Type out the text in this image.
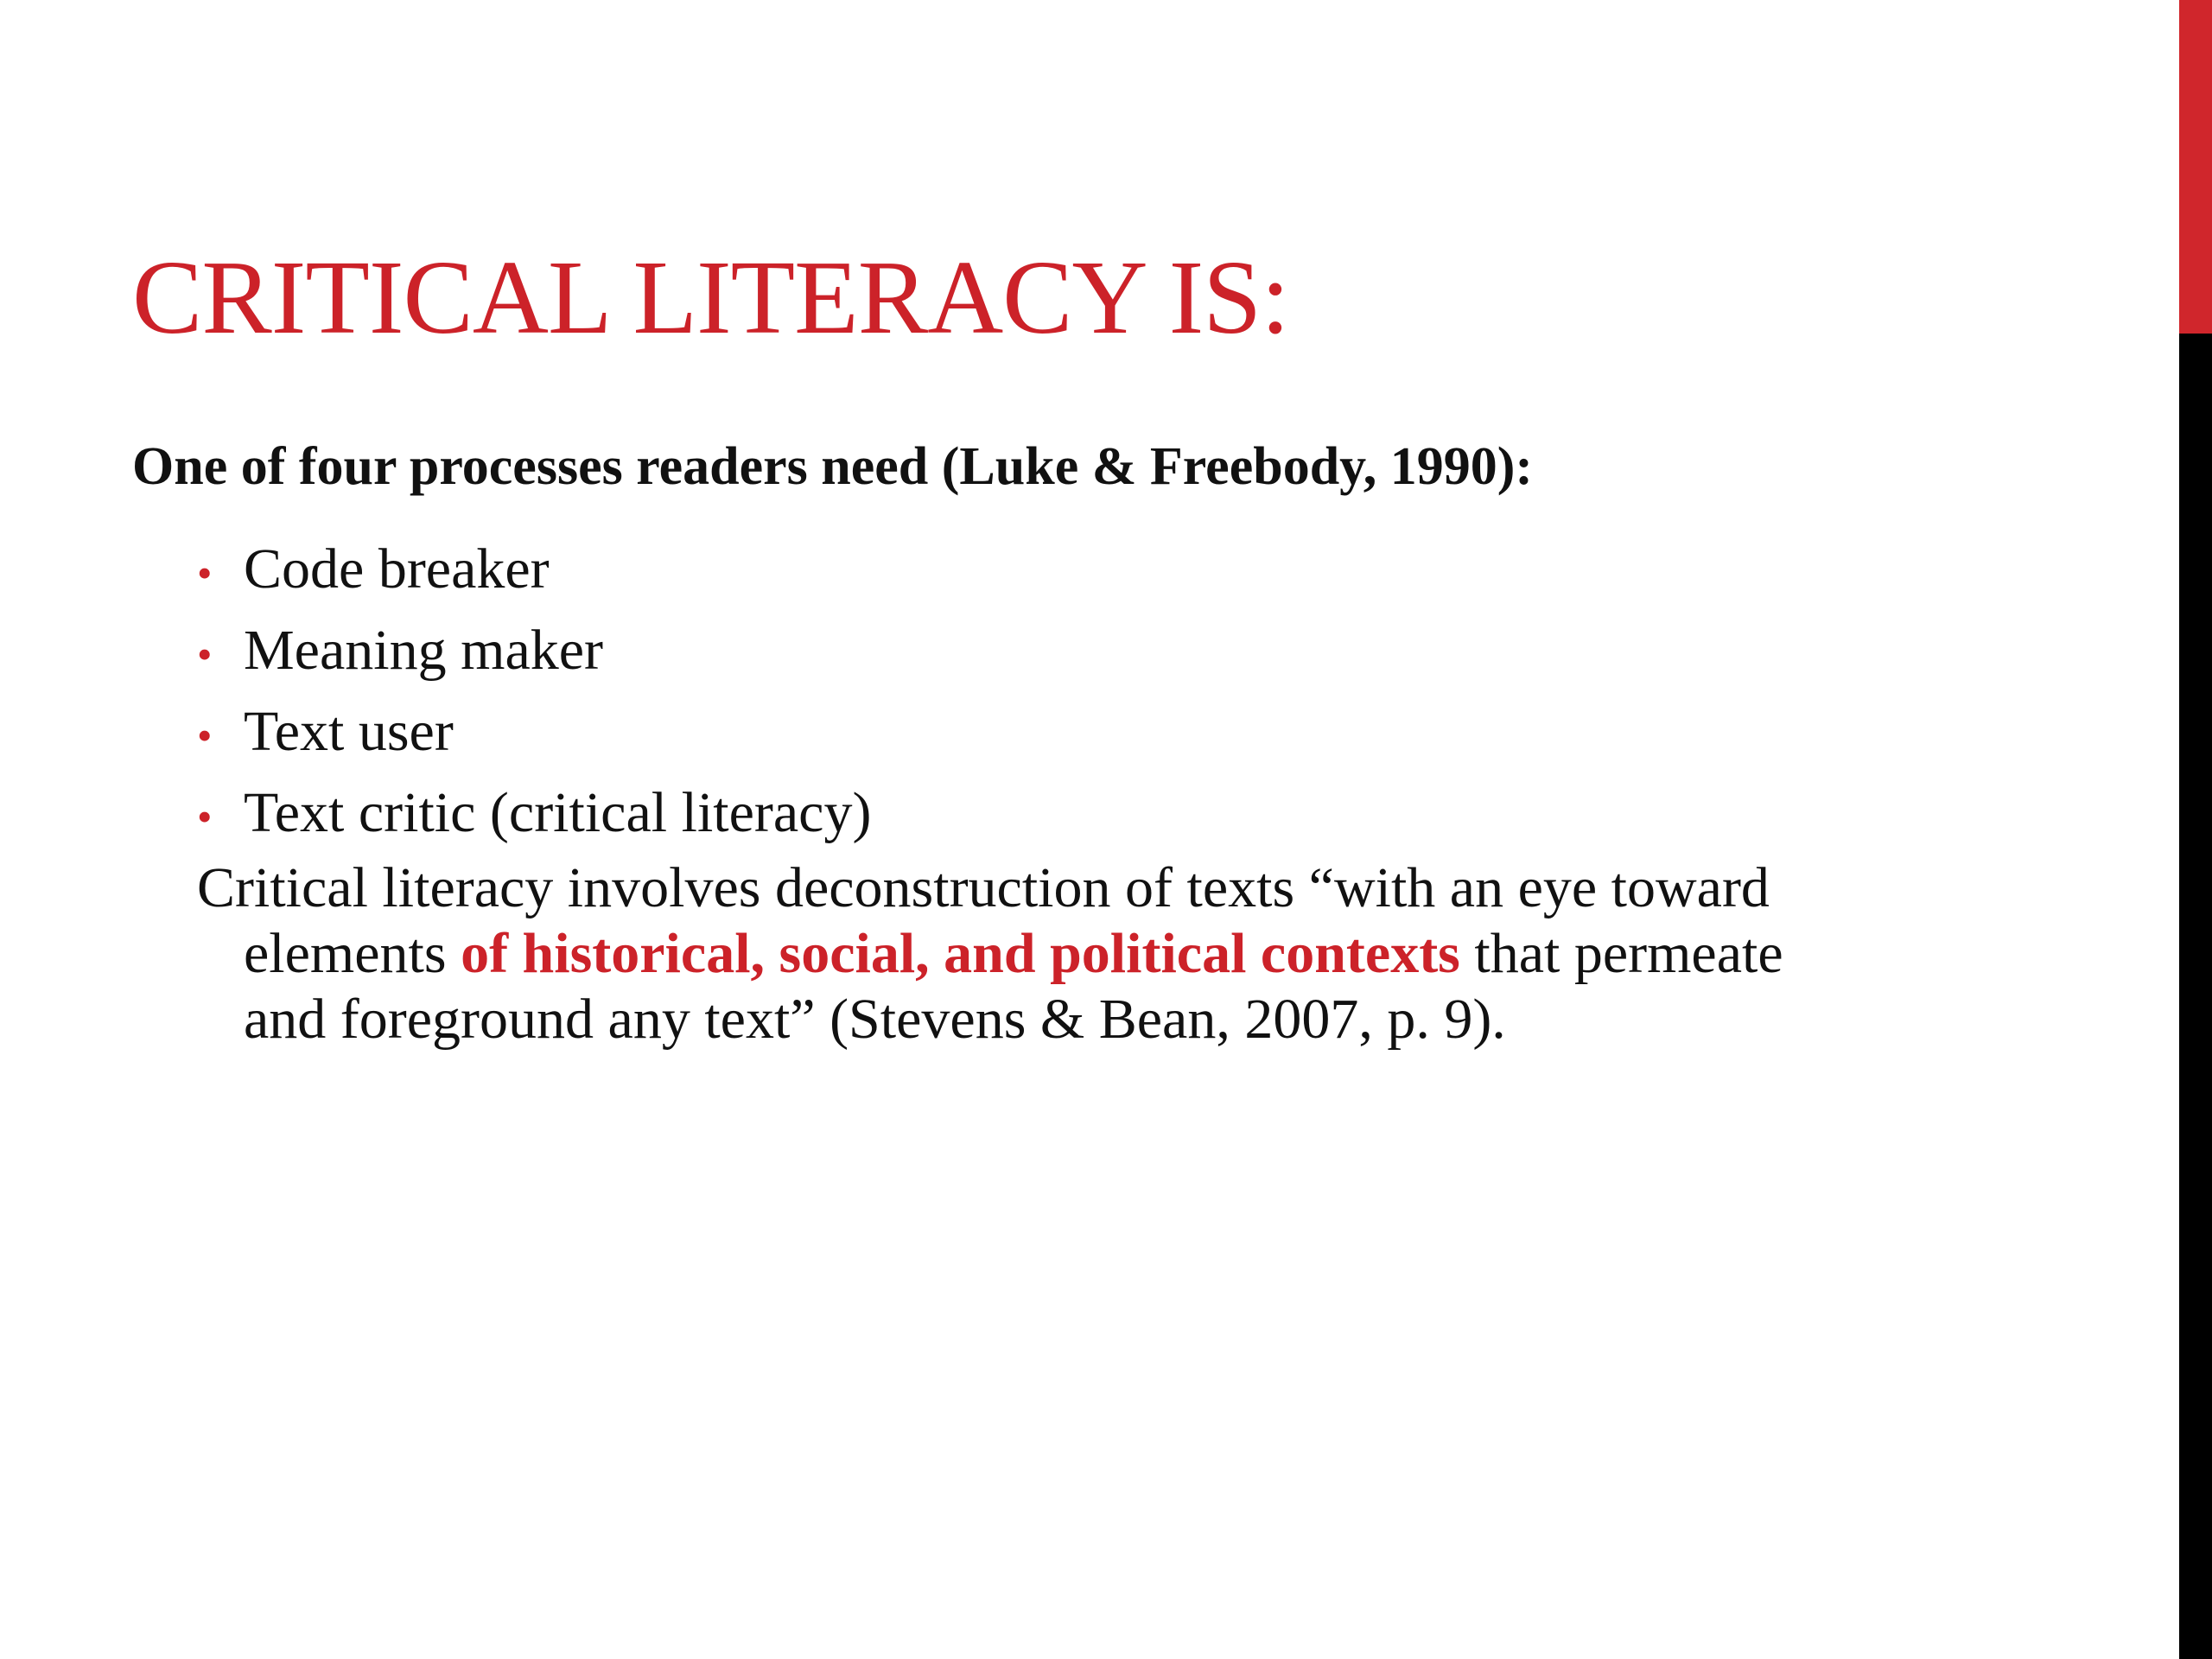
CRITICAL LITERACY IS:

One of four processes readers need (Luke & Freebody, 1990):

• Code breaker
• Meaning maker
• Text user
• Text critic (critical literacy)

Critical literacy involves deconstruction of texts “with an eye toward
elements of historical, social, and political contexts that permeate
and foreground any text” (Stevens & Bean, 2007, p. 9).
